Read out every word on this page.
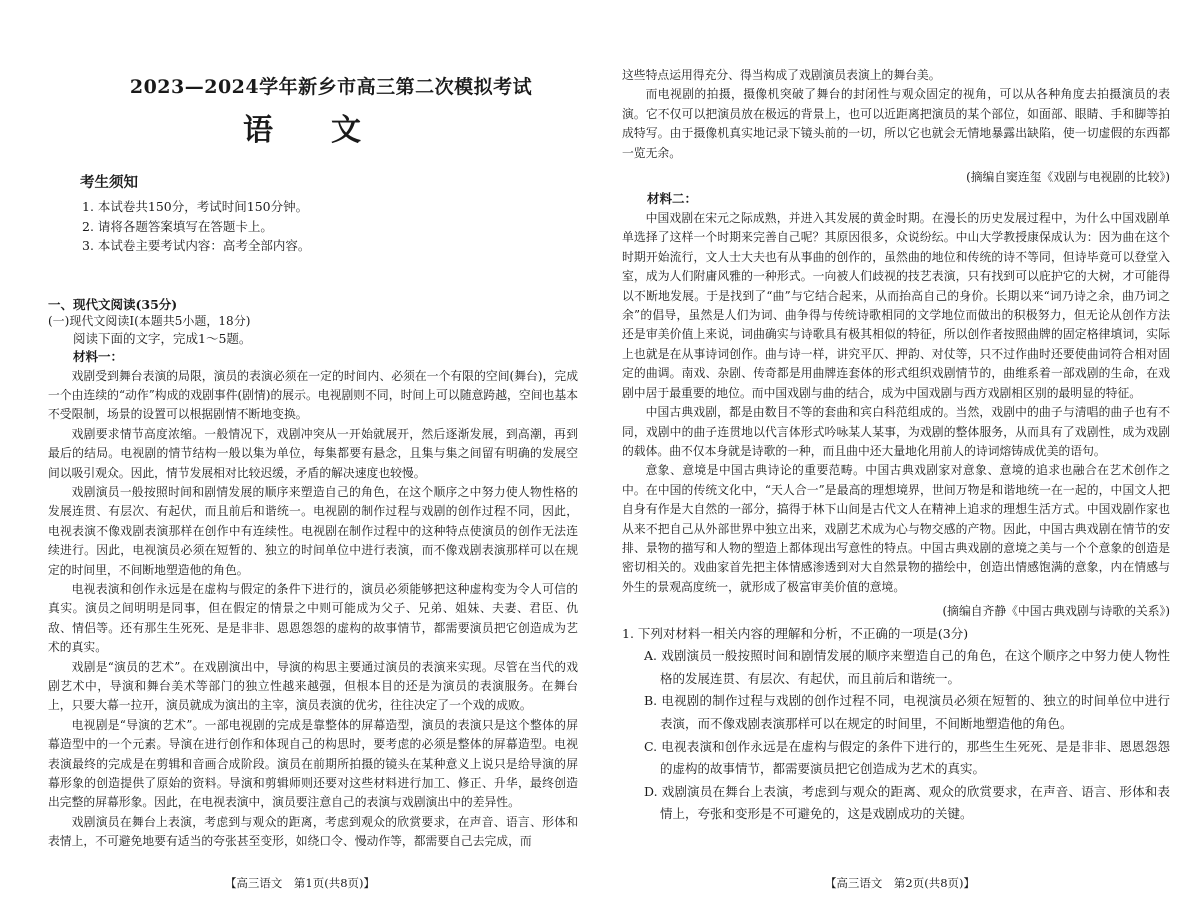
2023—2024学年新乡市高三第二次模拟考试
语文
考生须知
1. 本试卷共150分，考试时间150分钟。
2. 请将各题答案填写在答题卡上。
3. 本试卷主要考试内容：高考全部内容。
一、现代文阅读(35分)
(一)现代文阅读Ⅰ(本题共5小题，18分)
阅读下面的文字，完成1～5题。
材料一：

戏剧受到舞台表演的局限，演员的表演必须在一定的时间内、必须在一个有限的空间(舞台)，完成一个由连续的“动作”构成的戏剧事件(剧情)的展示。电视剧则不同，时间上可以随意跨越，空间也基本不受限制，场景的设置可以根据剧情不断地变换。

戏剧要求情节高度浓缩。一般情况下，戏剧冲突从一开始就展开，然后逐渐发展，到高潮，再到最后的结局。电视剧的情节结构一般以集为单位，每集都要有悬念，且集与集之间留有明确的发展空间以吸引观众。因此，情节发展相对比较迟缓，矛盾的解决速度也较慢。

戏剧演员一般按照时间和剧情发展的顺序来塑造自己的角色，在这个顺序之中努力使人物性格的发展连贯、有层次、有起伏，而且前后和谐统一。电视剧的制作过程与戏剧的创作过程不同，因此，电视表演不像戏剧表演那样在创作中有连续性。电视剧在制作过程中的这种特点使演员的创作无法连续进行。因此，电视演员必须在短暂的、独立的时间单位中进行表演，而不像戏剧表演那样可以在规定的时间里，不间断地塑造他的角色。

电视表演和创作永远是在虚构与假定的条件下进行的，演员必须能够把这种虚构变为令人可信的真实。演员之间明明是同事，但在假定的情景之中则可能成为父子、兄弟、姐妹、夫妻、君臣、仇敌、情侣等。还有那生生死死、是是非非、恩恩怨怨的虚构的故事情节，都需要演员把它创造成为艺术的真实。

戏剧是“演员的艺术”。在戏剧演出中，导演的构思主要通过演员的表演来实现。尽管在当代的戏剧艺术中，导演和舞台美术等部门的独立性越来越强，但根本目的还是为演员的表演服务。在舞台上，只要大幕一拉开，演员就成为演出的主宰，演员表演的优劣，往往决定了一个戏的成败。

电视剧是“导演的艺术”。一部电视剧的完成是靠整体的屏幕造型，演员的表演只是这个整体的屏幕造型中的一个元素。导演在进行创作和体现自己的构思时，要考虑的必须是整体的屏幕造型。电视表演最终的完成是在剪辑和音画合成阶段。演员在前期所拍摄的镜头在某种意义上说只是给导演的屏幕形象的创造提供了原始的资料。导演和剪辑师则还要对这些材料进行加工、修正、升华，最终创造出完整的屏幕形象。因此，在电视表演中，演员要注意自己的表演与戏剧演出中的差异性。

戏剧演员在舞台上表演，考虑到与观众的距离，考虑到观众的欣赏要求，在声音、语言、形体和表情上，不可避免地要有适当的夸张甚至变形，如绕口令、慢动作等，都需要自己去完成，而

【高三语文　第1页(共8页)】

这些特点运用得充分、得当构成了戏剧演员表演上的舞台美。

而电视剧的拍摄，摄像机突破了舞台的封闭性与观众固定的视角，可以从各种角度去拍摄演员的表演。它不仅可以把演员放在极远的背景上，也可以近距离把演员的某个部位，如面部、眼睛、手和脚等拍成特写。由于摄像机真实地记录下镜头前的一切，所以它也就会无情地暴露出缺陷，使一切虚假的东西都一览无余。

(摘编自窦连玺《戏剧与电视剧的比较》)
材料二：

中国戏剧在宋元之际成熟，并进入其发展的黄金时期。在漫长的历史发展过程中，为什么中国戏剧单单选择了这样一个时期来完善自己呢？其原因很多，众说纷纭。中山大学教授康保成认为：因为曲在这个时期开始流行，文人士大夫也有从事曲的创作的，虽然曲的地位和传统的诗不等同，但诗毕竟可以登堂入室，成为人们附庸风雅的一种形式。一向被人们歧视的技艺表演，只有找到可以庇护它的大树，才可能得以不断地发展。于是找到了“曲”与它结合起来，从而抬高自己的身价。长期以来“词乃诗之余，曲乃词之余”的倡导，虽然是人们为词、曲争得与传统诗歌相同的文学地位而做出的积极努力，但无论从创作方法还是审美价值上来说，词曲确实与诗歌具有极其相似的特征，所以创作者按照曲牌的固定格律填词，实际上也就是在从事诗词创作。曲与诗一样，讲究平仄、押韵、对仗等，只不过作曲时还要使曲词符合相对固定的曲调。南戏、杂剧、传奇都是用曲牌连套体的形式组织戏剧情节的，曲维系着一部戏剧的生命，在戏剧中居于最重要的地位。而中国戏剧与曲的结合，成为中国戏剧与西方戏剧相区别的最明显的特征。

中国古典戏剧，都是由数目不等的套曲和宾白科范组成的。当然，戏剧中的曲子与清唱的曲子也有不同，戏剧中的曲子连贯地以代言体形式吟咏某人某事，为戏剧的整体服务，从而具有了戏剧性，成为戏剧的载体。曲不仅本身就是诗歌的一种，而且曲中还大量地化用前人的诗词熔铸成优美的语句。

意象、意境是中国古典诗论的重要范畴。中国古典戏剧家对意象、意境的追求也融合在艺术创作之中。在中国的传统文化中，“天人合一”是最高的理想境界，世间万物是和谐地统一在一起的，中国文人把自身有作是大自然的一部分，搞得于林下山间是古代文人在精神上追求的理想生活方式。中国戏剧作家也从来不把自己从外部世界中独立出来，戏剧艺术成为心与物交感的产物。因此，中国古典戏剧在情节的安排、景物的描写和人物的塑造上都体现出写意性的特点。中国古典戏剧的意境之美与一个个意象的创造是密切相关的。戏曲家首先把主体情感渗透到对大自然景物的描绘中，创造出情感饱满的意象，内在情感与外生的景观高度统一，就形成了极富审美价值的意境。

(摘编自齐静《中国古典戏剧与诗歌的关系》)
1. 下列对材料一相关内容的理解和分析，不正确的一项是(3分)
A. 戏剧演员一般按照时间和剧情发展的顺序来塑造自己的角色，在这个顺序之中努力使人物性格的发展连贯、有层次、有起伏，而且前后和谐统一。
B. 电视剧的制作过程与戏剧的创作过程不同，电视演员必须在短暂的、独立的时间单位中进行表演，而不像戏剧表演那样可以在规定的时间里，不间断地塑造他的角色。
C. 电视表演和创作永远是在虚构与假定的条件下进行的，那些生生死死、是是非非、恩恩怨怨的虚构的故事情节，都需要演员把它创造成为艺术的真实。
D. 戏剧演员在舞台上表演，考虑到与观众的距离、观众的欣赏要求，在声音、语言、形体和表情上，夸张和变形是不可避免的，这是戏剧成功的关键。
【高三语文　第2页(共8页)】
